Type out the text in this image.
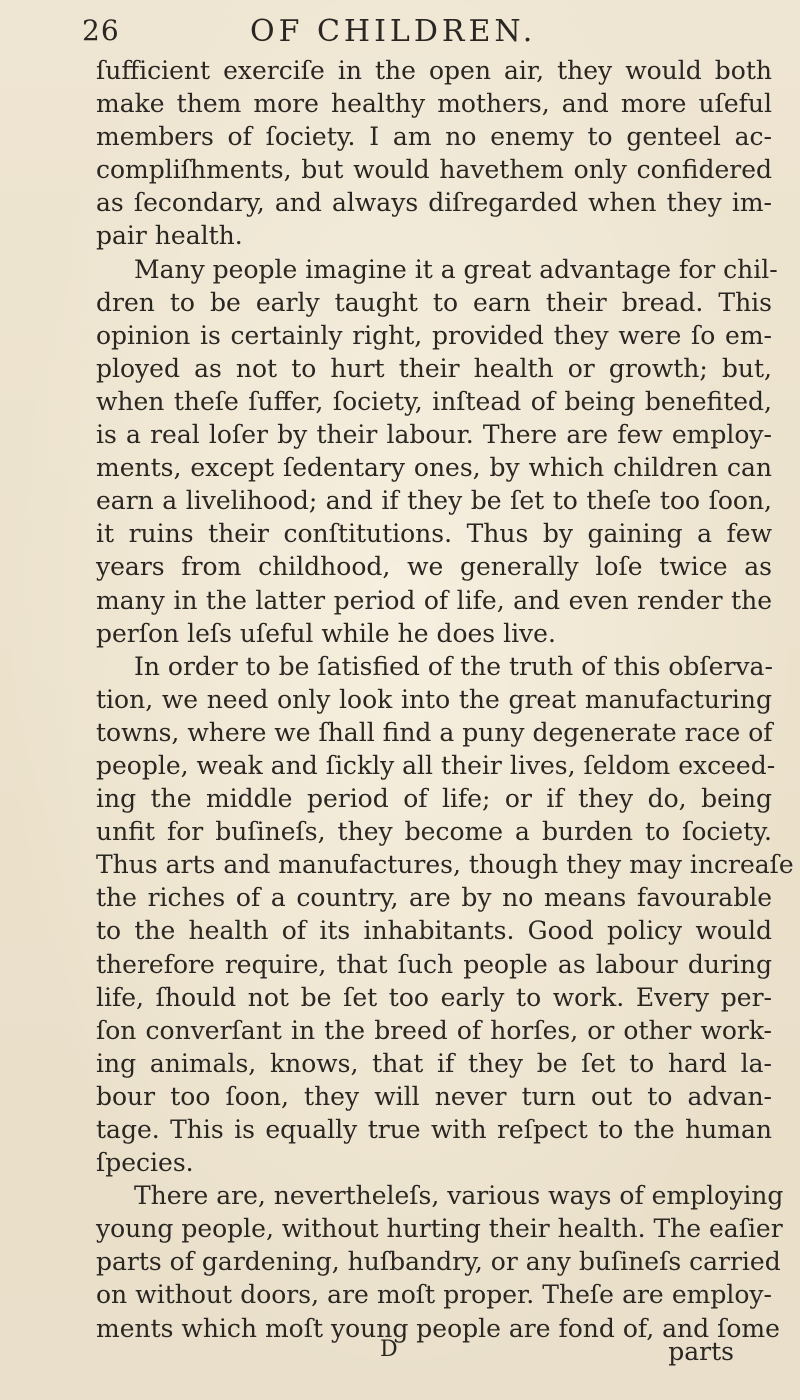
26	OF CHILDREN.
ſufficient exerciſe in the open air, they would both
make them more healthy mothers, and more uſeful
members of ſociety. I am no enemy to genteel ac-
compliſhments, but would havethem only confidered
as ſecondary, and always diſregarded when they im-
pair health.
Many people imagine it a great advantage for chil-
dren to be early taught to earn their bread. This
opinion is certainly right, provided they were ſo em-
ployed as not to hurt their health or growth; but,
when theſe ſuffer, ſociety, inſtead of being benefited,
is a real loſer by their labour. There are few employ-
ments, except ſedentary ones, by which children can
earn a livelihood; and if they be ſet to theſe too ſoon,
it ruins their conſtitutions. Thus by gaining a few
years from childhood, we generally loſe twice as
many in the latter period of life, and even render the
perſon leſs uſeful while he does live.
In order to be ſatisfied of the truth of this obſerva-
tion, we need only look into the great manufacturing
towns, where we ſhall find a puny degenerate race of
people, weak and ſickly all their lives, ſeldom exceed-
ing the middle period of life; or if they do, being
unfit for buſineſs, they become a burden to ſociety.
Thus arts and manufactures, though they may increaſe
the riches of a country, are by no means favourable
to the health of its inhabitants. Good policy would
therefore require, that ſuch people as labour during
life, ſhould not be ſet too early to work. Every per-
ſon converſant in the breed of horſes, or other work-
ing animals, knows, that if they be ſet to hard la-
bour too ſoon, they will never turn out to advan-
tage. This is equally true with reſpect to the human
ſpecies.
There are, nevertheleſs, various ways of employing
young people, without hurting their health. The eaſier
parts of gardening, huſbandry, or any buſineſs carried
on without doors, are moſt proper. Theſe are employ-
ments which moſt young people are fond of, and ſome
D	parts
